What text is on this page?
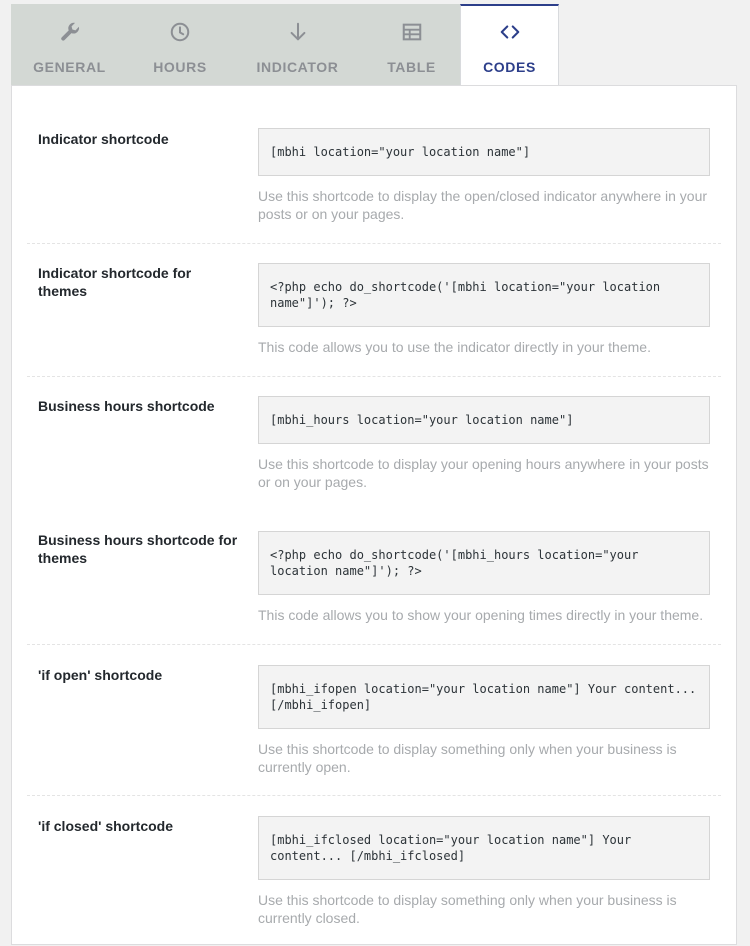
GENERAL	HOURS	INDICATOR	TABLE	CODES
Indicator shortcode
[mbhi location="your location name"]
Use this shortcode to display the open/closed indicator anywhere in your posts or on your pages.
Indicator shortcode for themes	<?php echo do_shortcode('[mbhi location="your location name"]'); ?>
This code allows you to use the indicator directly in your theme.
Business hours shortcode
[mbhi_hours location="your location name"]
Use this shortcode to display your opening hours anywhere in your posts or on your pages.
Business hours shortcode for themes	<?php echo do_shortcode('[mbhi_hours location="your location name"]'); ?>
This code allows you to show your opening times directly in your theme.
'if open' shortcode
[mbhi_ifopen location="your location name"] Your content... [/mbhi_ifopen]
Use this shortcode to display something only when your business is currently open.
'if closed' shortcode
[mbhi_ifclosed location="your location name"] Your content... [/mbhi_ifclosed]
Use this shortcode to display something only when your business is currently closed.
